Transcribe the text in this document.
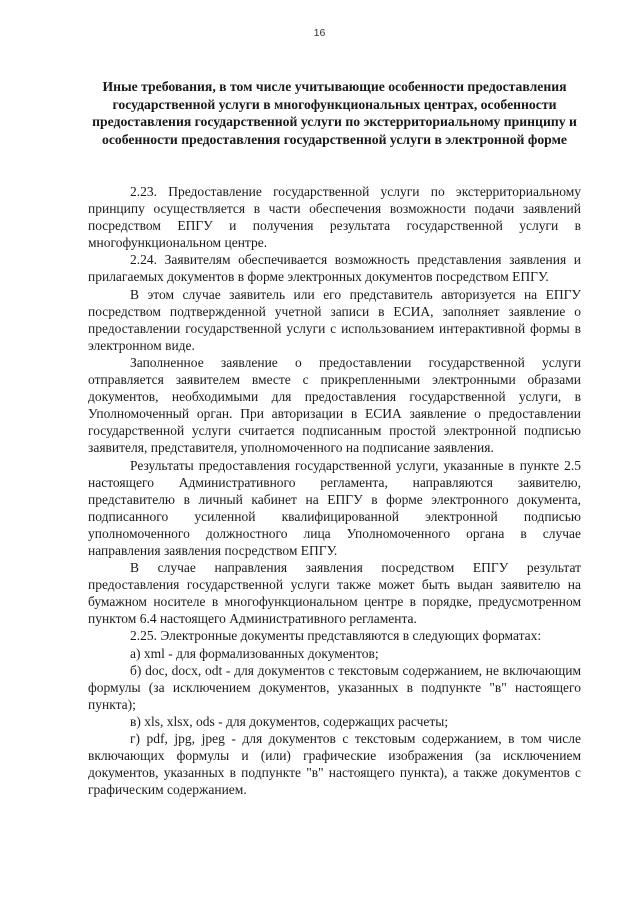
16
Иные требования, в том числе учитывающие особенности предоставления государственной услуги в многофункциональных центрах, особенности предоставления государственной услуги по экстерриториальному принципу и особенности предоставления государственной услуги в электронной форме

2.23. Предоставление государственной услуги по экстерриториальному принципу осуществляется в части обеспечения возможности подачи заявлений посредством ЕПГУ и получения результата государственной услуги в многофункциональном центре.

2.24. Заявителям обеспечивается возможность представления заявления и прилагаемых документов в форме электронных документов посредством ЕПГУ.

В этом случае заявитель или его представитель авторизуется на ЕПГУ посредством подтвержденной учетной записи в ЕСИА, заполняет заявление о предоставлении государственной услуги с использованием интерактивной формы в электронном виде.

Заполненное заявление о предоставлении государственной услуги отправляется заявителем вместе с прикрепленными электронными образами документов, необходимыми для предоставления государственной услуги, в Уполномоченный орган. При авторизации в ЕСИА заявление о предоставлении государственной услуги считается подписанным простой электронной подписью заявителя, представителя, уполномоченного на подписание заявления.

Результаты предоставления государственной услуги, указанные в пункте 2.5 настоящего Административного регламента, направляются заявителю, представителю в личный кабинет на ЕПГУ в форме электронного документа, подписанного усиленной квалифицированной электронной подписью уполномоченного должностного лица Уполномоченного органа в случае направления заявления посредством ЕПГУ.

В случае направления заявления посредством ЕПГУ результат предоставления государственной услуги также может быть выдан заявителю на бумажном носителе в многофункциональном центре в порядке, предусмотренном пунктом 6.4 настоящего Административного регламента.

2.25. Электронные документы представляются в следующих форматах:

а) xml - для формализованных документов;

б) doc, docx, odt - для документов с текстовым содержанием, не включающим формулы (за исключением документов, указанных в подпункте "в" настоящего пункта);

в) xls, xlsx, ods - для документов, содержащих расчеты;

г) pdf, jpg, jpeg - для документов с текстовым содержанием, в том числе включающих формулы и (или) графические изображения (за исключением документов, указанных в подпункте "в" настоящего пункта), а также документов с графическим содержанием.
